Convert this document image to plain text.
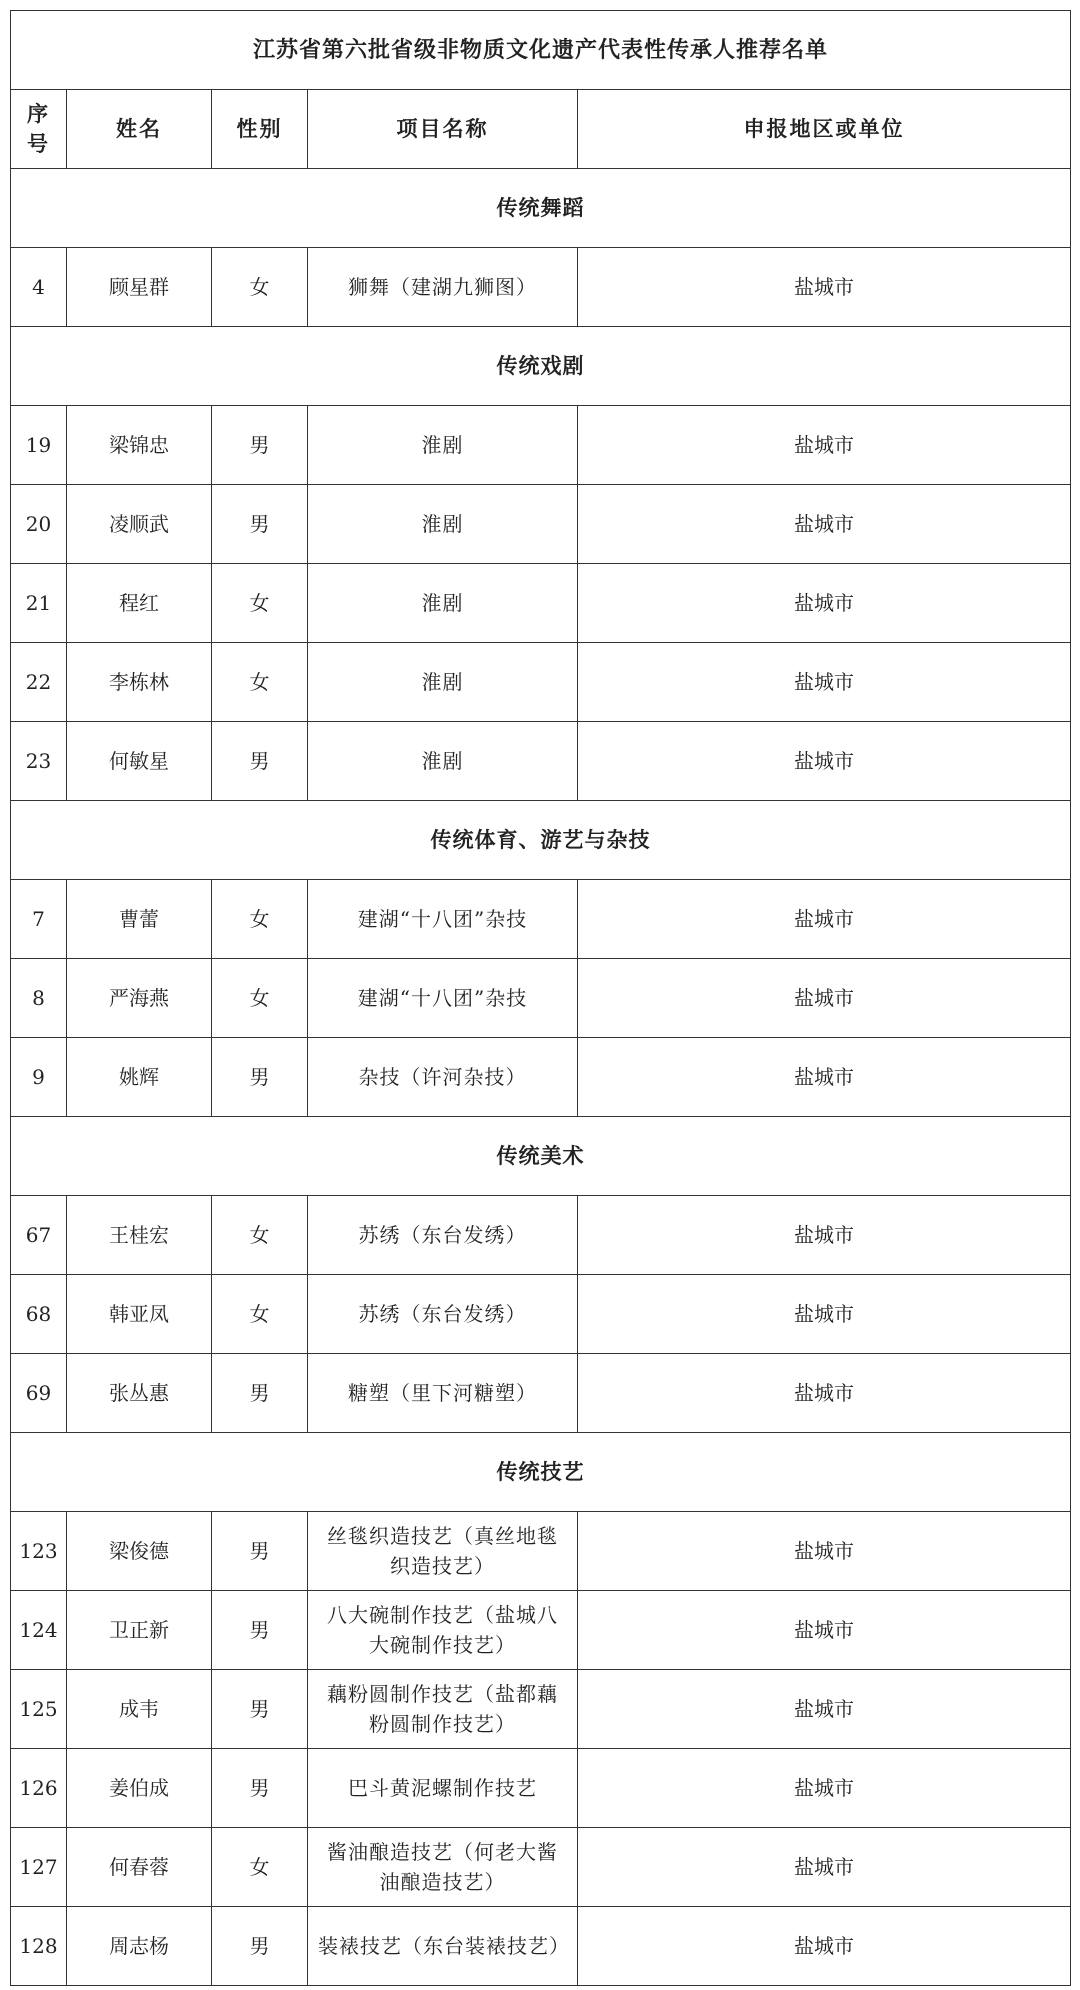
江苏省第六批省级非物质文化遗产代表性传承人推荐名单				
序号	姓名	性别	项目名称	申报地区或单位
传统舞蹈				
4	顾星群	女	狮舞（建湖九狮图）	盐城市
传统戏剧				
19	梁锦忠	男	淮剧	盐城市
20	凌顺武	男	淮剧	盐城市
21	程红	女	淮剧	盐城市
22	李栋林	女	淮剧	盐城市
23	何敏星	男	淮剧	盐城市
传统体育、游艺与杂技				
7	曹蕾	女	建湖“十八团”杂技	盐城市
8	严海燕	女	建湖“十八团”杂技	盐城市
9	姚辉	男	杂技（许河杂技）	盐城市
传统美术				
67	王桂宏	女	苏绣（东台发绣）	盐城市
68	韩亚凤	女	苏绣（东台发绣）	盐城市
69	张丛惠	男	糖塑（里下河糖塑）	盐城市
传统技艺				
123	梁俊德	男	丝毯织造技艺（真丝地毯织造技艺）	盐城市
124	卫正新	男	八大碗制作技艺（盐城八大碗制作技艺）	盐城市
125	成韦	男	藕粉圆制作技艺（盐都藕粉圆制作技艺）	盐城市
126	姜伯成	男	巴斗黄泥螺制作技艺	盐城市
127	何春蓉	女	酱油酿造技艺（何老大酱油酿造技艺）	盐城市
128	周志杨	男	装裱技艺（东台装裱技艺）	盐城市
